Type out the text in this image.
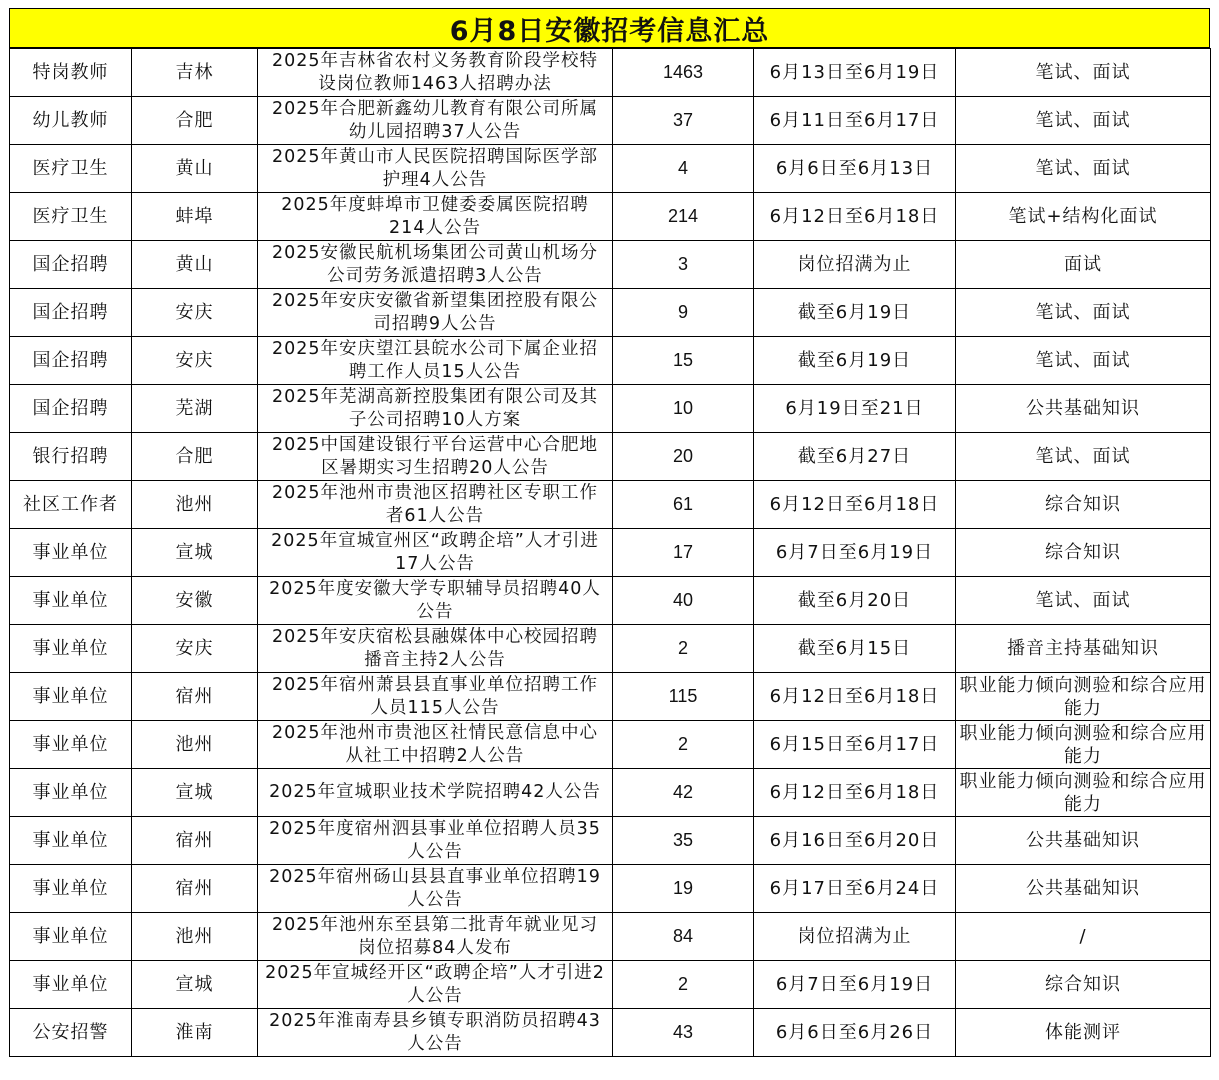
6月8日安徽招考信息汇总
特岗教师	吉林	2025年吉林省农村义务教育阶段学校特设岗位教师1463人招聘办法	1463	6月13日至6月19日	笔试、面试
幼儿教师	合肥	2025年合肥新鑫幼儿教育有限公司所属幼儿园招聘37人公告	37	6月11日至6月17日	笔试、面试
医疗卫生	黄山	2025年黄山市人民医院招聘国际医学部护理4人公告	4	6月6日至6月13日	笔试、面试
医疗卫生	蚌埠	2025年度蚌埠市卫健委委属医院招聘214人公告	214	6月12日至6月18日	笔试+结构化面试
国企招聘	黄山	2025安徽民航机场集团公司黄山机场分公司劳务派遣招聘3人公告	3	岗位招满为止	面试
国企招聘	安庆	2025年安庆安徽省新望集团控股有限公司招聘9人公告	9	截至6月19日	笔试、面试
国企招聘	安庆	2025年安庆望江县皖水公司下属企业招聘工作人员15人公告	15	截至6月19日	笔试、面试
国企招聘	芜湖	2025年芜湖高新控股集团有限公司及其子公司招聘10人方案	10	6月19日至21日	公共基础知识
银行招聘	合肥	2025中国建设银行平台运营中心合肥地区暑期实习生招聘20人公告	20	截至6月27日	笔试、面试
社区工作者	池州	2025年池州市贵池区招聘社区专职工作者61人公告	61	6月12日至6月18日	综合知识
事业单位	宣城	2025年宣城宣州区“政聘企培”人才引进17人公告	17	6月7日至6月19日	综合知识
事业单位	安徽	2025年度安徽大学专职辅导员招聘40人公告	40	截至6月20日	笔试、面试
事业单位	安庆	2025年安庆宿松县融媒体中心校园招聘播音主持2人公告	2	截至6月15日	播音主持基础知识
事业单位	宿州	2025年宿州萧县县直事业单位招聘工作人员115人公告	115	6月12日至6月18日	职业能力倾向测验和综合应用能力
事业单位	池州	2025年池州市贵池区社情民意信息中心从社工中招聘2人公告	2	6月15日至6月17日	职业能力倾向测验和综合应用能力
事业单位	宣城	2025年宣城职业技术学院招聘42人公告	42	6月12日至6月18日	职业能力倾向测验和综合应用能力
事业单位	宿州	2025年度宿州泗县事业单位招聘人员35人公告	35	6月16日至6月20日	公共基础知识
事业单位	宿州	2025年宿州砀山县县直事业单位招聘19人公告	19	6月17日至6月24日	公共基础知识
事业单位	池州	2025年池州东至县第二批青年就业见习岗位招募84人发布	84	岗位招满为止	/
事业单位	宣城	2025年宣城经开区“政聘企培”人才引进2人公告	2	6月7日至6月19日	综合知识
公安招警	淮南	2025年淮南寿县乡镇专职消防员招聘43人公告	43	6月6日至6月26日	体能测评
